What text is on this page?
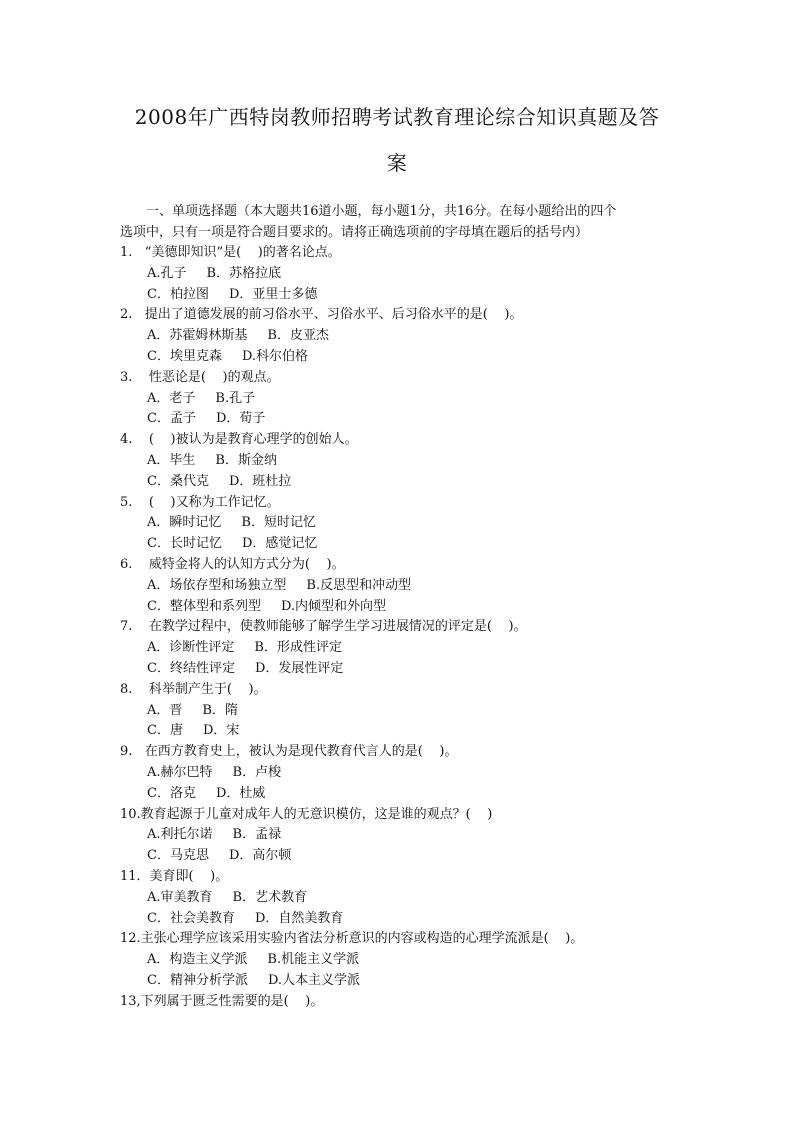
2008年广西特岗教师招聘考试教育理论综合知识真题及答
案
一、单项选择题（本大题共16道小题，每小题1分，共16分。在每小题给出的四个
选项中，只有一项是符合题目要求的。请将正确选项前的字母填在题后的括号内）
1.   “美德即知识”是(    )的著名论点。
A.孔子 B．苏格拉底
C．柏拉图 D．亚里士多德
2.   提出了道德发展的前习俗水平、习俗水平、后习俗水平的是(    )。
A．苏霍姆林斯基 B．皮亚杰
C．埃里克森 D.科尔伯格
3.    性恶论是(    )的观点。
A．老子 B.孔子
C．孟子 D．荀子
4.    (    )被认为是教育心理学的创始人。
A．毕生 B．斯金纳
C．桑代克 D．班杜拉
5.    (    )又称为工作记忆。
A．瞬时记忆 B．短时记忆
C．长时记忆 D．感觉记忆
6.    威特金将人的认知方式分为(    )。
A．场依存型和场独立型 B.反思型和冲动型
C．整体型和系列型 D.内倾型和外向型
7.    在教学过程中，使教师能够了解学生学习进展情况的评定是(    )。
A．诊断性评定 B．形成性评定
C．终结性评定 D．发展性评定
8.    科举制产生于(    )。
A．晋 B．隋
C．唐 D．宋
9.   在西方教育史上，被认为是现代教育代言人的是(    )。
A.赫尔巴特 B．卢梭
C．洛克 D．杜威
10.教育起源于儿童对成年人的无意识模仿，这是谁的观点？(    )
A.利托尔诺 B．孟禄
C．马克思 D．高尔顿
11．美育即(    )。
A.审美教育 B．艺术教育
C．社会美教育 D．自然美教育
12.主张心理学应该采用实验内省法分析意识的内容或构造的心理学流派是(    )。
A．构造主义学派 B.机能主义学派
C．精神分析学派 D.人本主义学派
13,下列属于匮乏性需要的是(    )。
